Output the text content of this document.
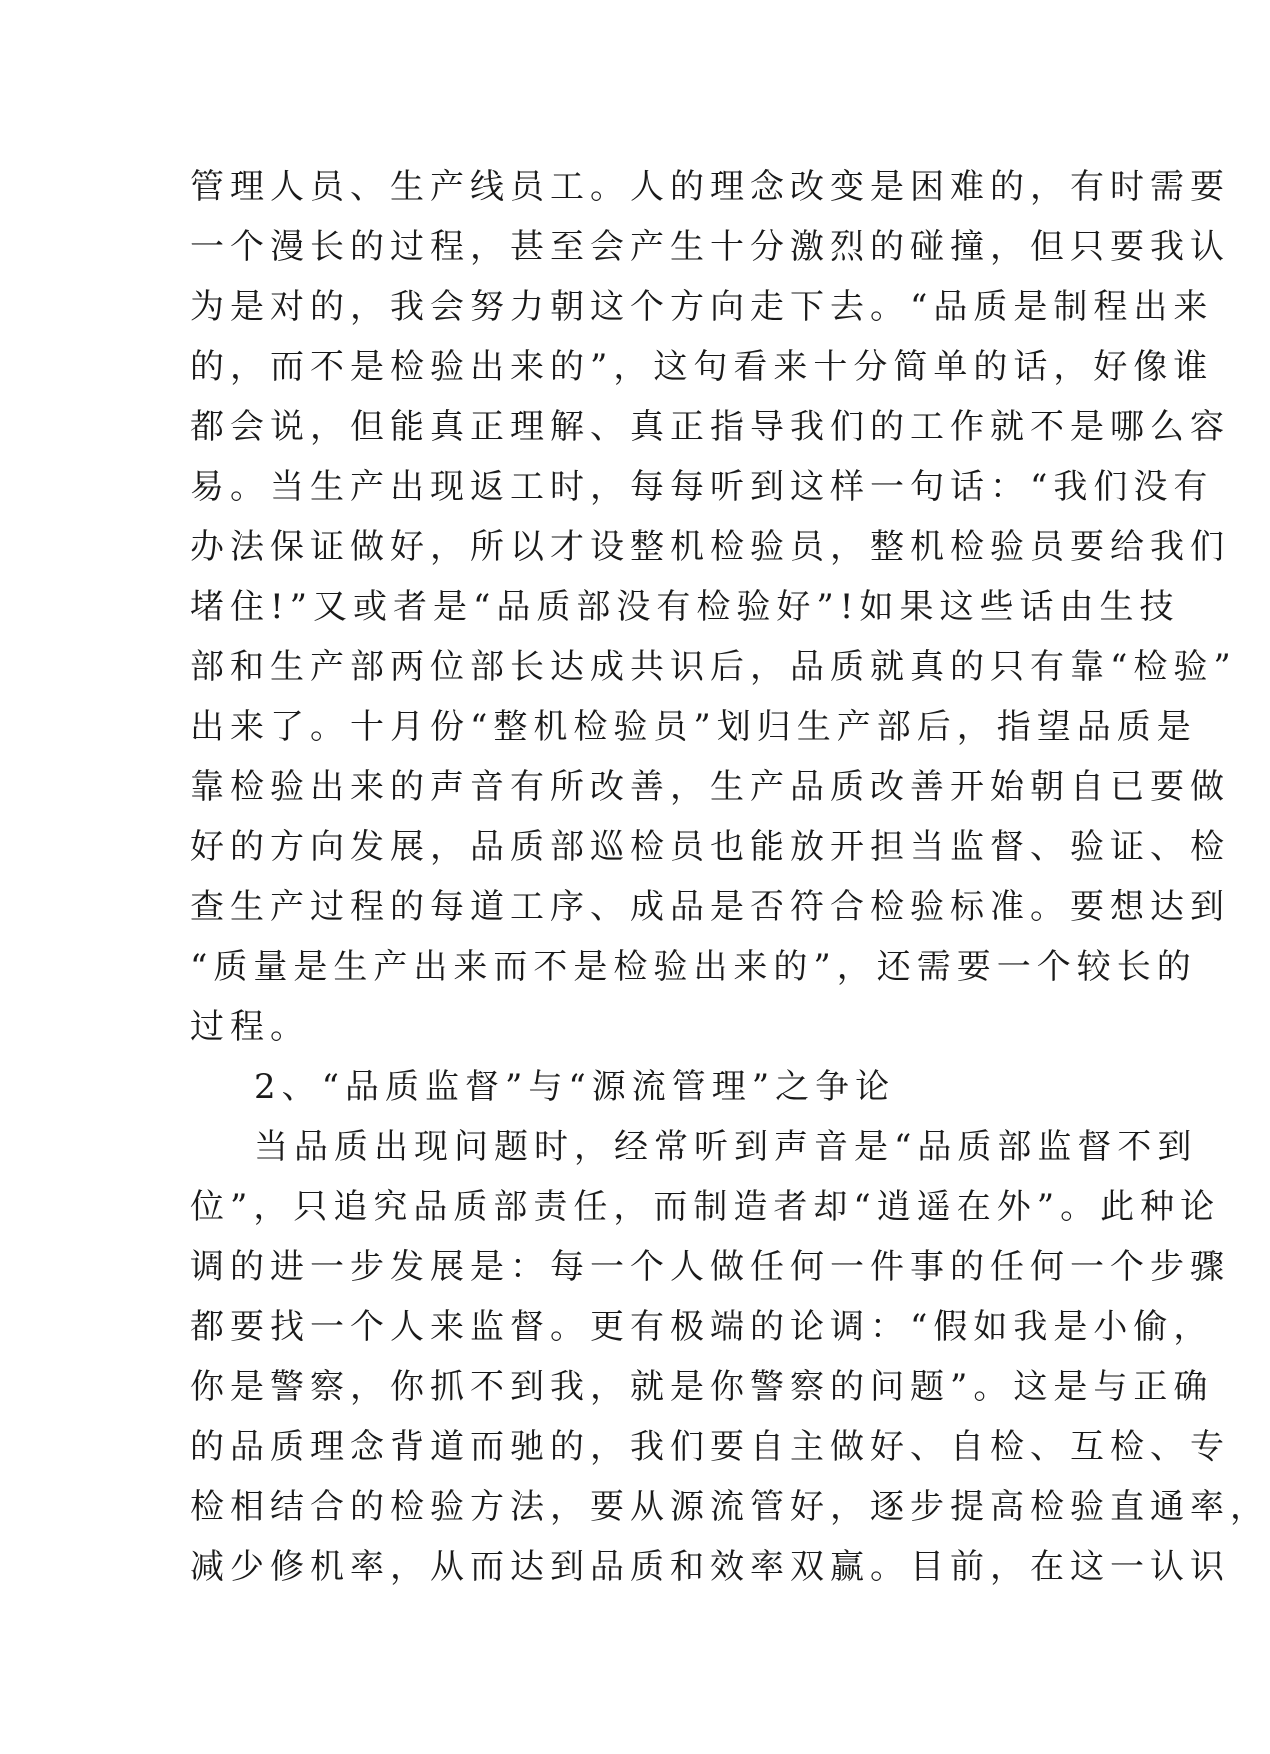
管理人员、生产线员工。人的理念改变是困难的，有时需要
一个漫长的过程，甚至会产生十分激烈的碰撞，但只要我认
为是对的，我会努力朝这个方向走下去。“品质是制程出来
的，而不是检验出来的”，这句看来十分简单的话，好像谁
都会说，但能真正理解、真正指导我们的工作就不是哪么容
易。当生产出现返工时，每每听到这样一句话：“我们没有
办法保证做好，所以才设整机检验员，整机检验员要给我们
堵住!”又或者是“品质部没有检验好”!如果这些话由生技
部和生产部两位部长达成共识后，品质就真的只有靠“检验”
出来了。十月份“整机检验员”划归生产部后，指望品质是
靠检验出来的声音有所改善，生产品质改善开始朝自已要做
好的方向发展，品质部巡检员也能放开担当监督、验证、检
查生产过程的每道工序、成品是否符合检验标准。要想达到
“质量是生产出来而不是检验出来的”，还需要一个较长的
过程。
2、“品质监督”与“源流管理”之争论
当品质出现问题时，经常听到声音是“品质部监督不到
位”，只追究品质部责任，而制造者却“逍遥在外”。此种论
调的进一步发展是：每一个人做任何一件事的任何一个步骤
都要找一个人来监督。更有极端的论调：“假如我是小偷，
你是警察，你抓不到我，就是你警察的问题”。这是与正确
的品质理念背道而驰的，我们要自主做好、自检、互检、专
检相结合的检验方法，要从源流管好，逐步提高检验直通率，
减少修机率，从而达到品质和效率双赢。目前，在这一认识
